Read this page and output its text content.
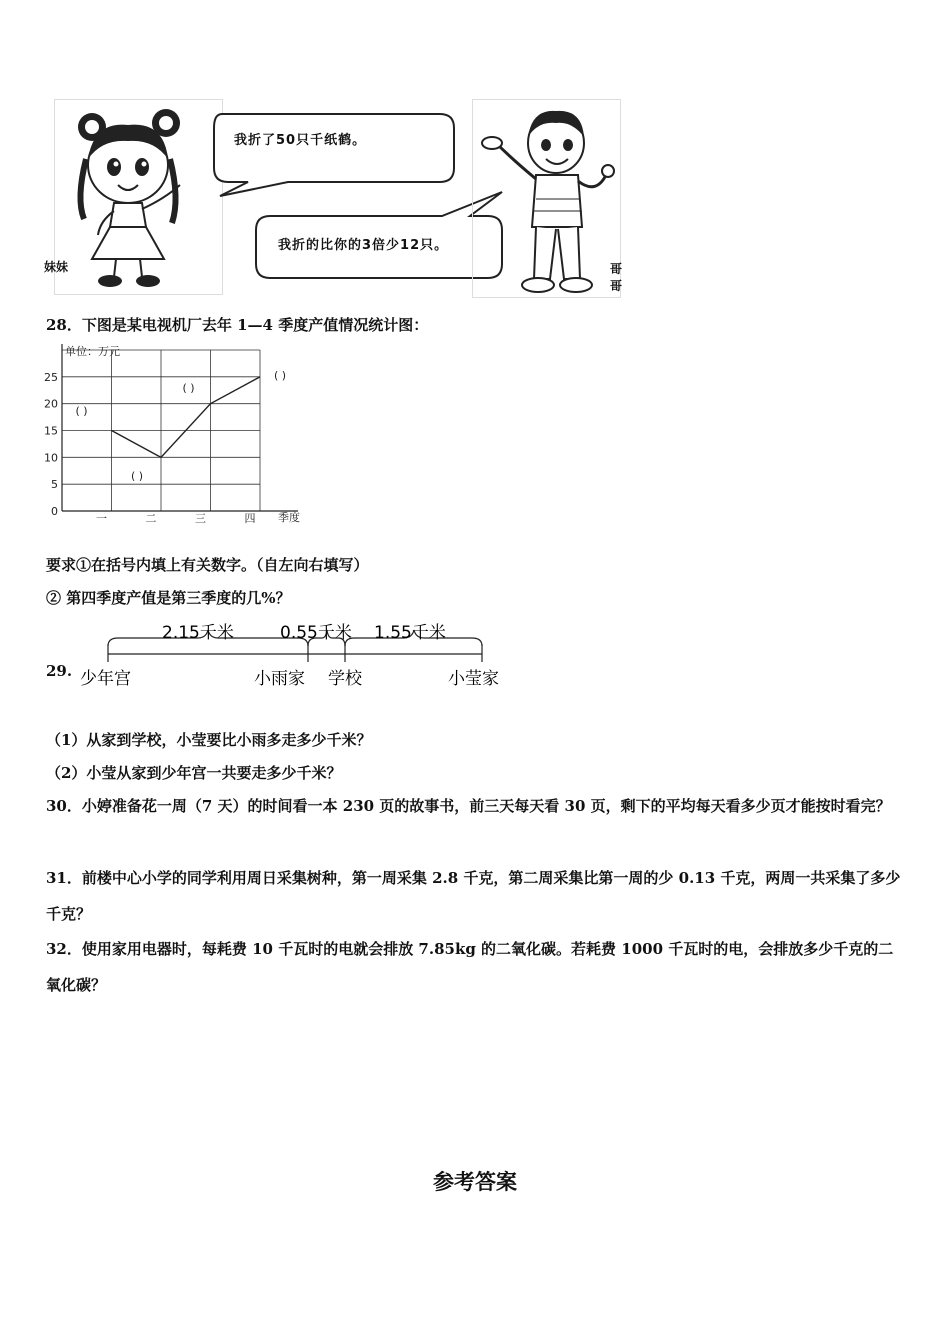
妹妹
我折了50只千纸鹤。
我折的比你的3倍少12只。
哥哥
28．下图是某电视机厂去年 1—4 季度产值情况统计图：
0
5
10
15
20
25
一	二	三	四
( )
( )
( )
( )
单位：万元
季度
要求①在括号内填上有关数字。（自左向右填写）
② 第四季度产值是第三季度的几%？
29.
2.15千米	0.55千米 1.55千米
少年宫	小雨家 学校	小莹家
（1）从家到学校，小莹要比小雨多走多少千米？
（2）小莹从家到少年宫一共要走多少千米？
30．小婷准备花一周（7 天）的时间看一本 230 页的故事书，前三天每天看 30 页，剩下的平均每天看多少页才能按时看完？
31．前楼中心小学的同学利用周日采集树种，第一周采集 2.8 千克，第二周采集比第一周的少 0.13 千克，两周一共采集了多少千克？
32．使用家用电器时，每耗费 10 千瓦时的电就会排放 7.85kg 的二氧化碳。若耗费 1000 千瓦时的电，会排放多少千克的二氧化碳？
参考答案
